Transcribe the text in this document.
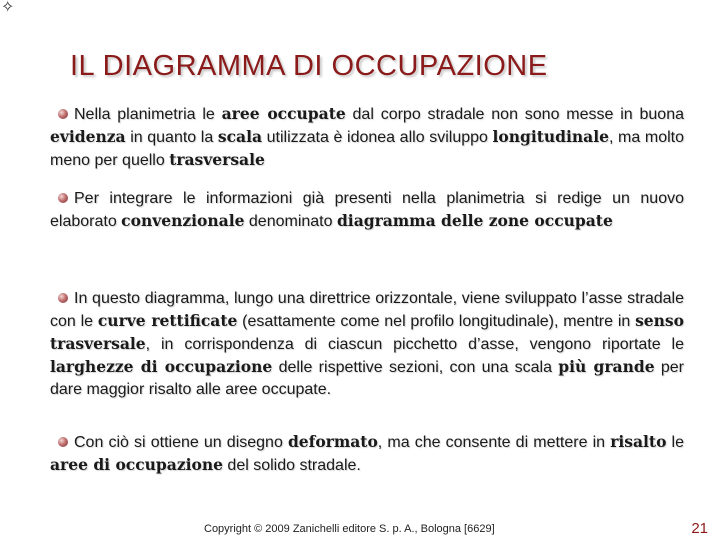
✧
IL DIAGRAMMA DI OCCUPAZIONE
Nella planimetria le aree occupate dal corpo stradale non sono messe in buona evidenza in quanto la scala utilizzata è idonea allo sviluppo longitudinale, ma molto meno per quello trasversale
Per integrare le informazioni già presenti nella planimetria si redige un nuovo elaborato convenzionale denominato diagramma delle zone occupate
In questo diagramma, lungo una direttrice orizzontale, viene sviluppato l’asse stradale con le curve rettificate (esattamente come nel profilo longitudinale), mentre in senso trasversale, in corrispondenza di ciascun picchetto d’asse, vengono riportate le larghezze di occupazione delle rispettive sezioni, con una scala più grande per dare maggior risalto alle aree occupate.
Con ciò si ottiene un disegno deformato, ma che consente di mettere in risalto le aree di occupazione del solido stradale.
Copyright © 2009 Zanichelli editore S. p. A., Bologna [6629]	21
